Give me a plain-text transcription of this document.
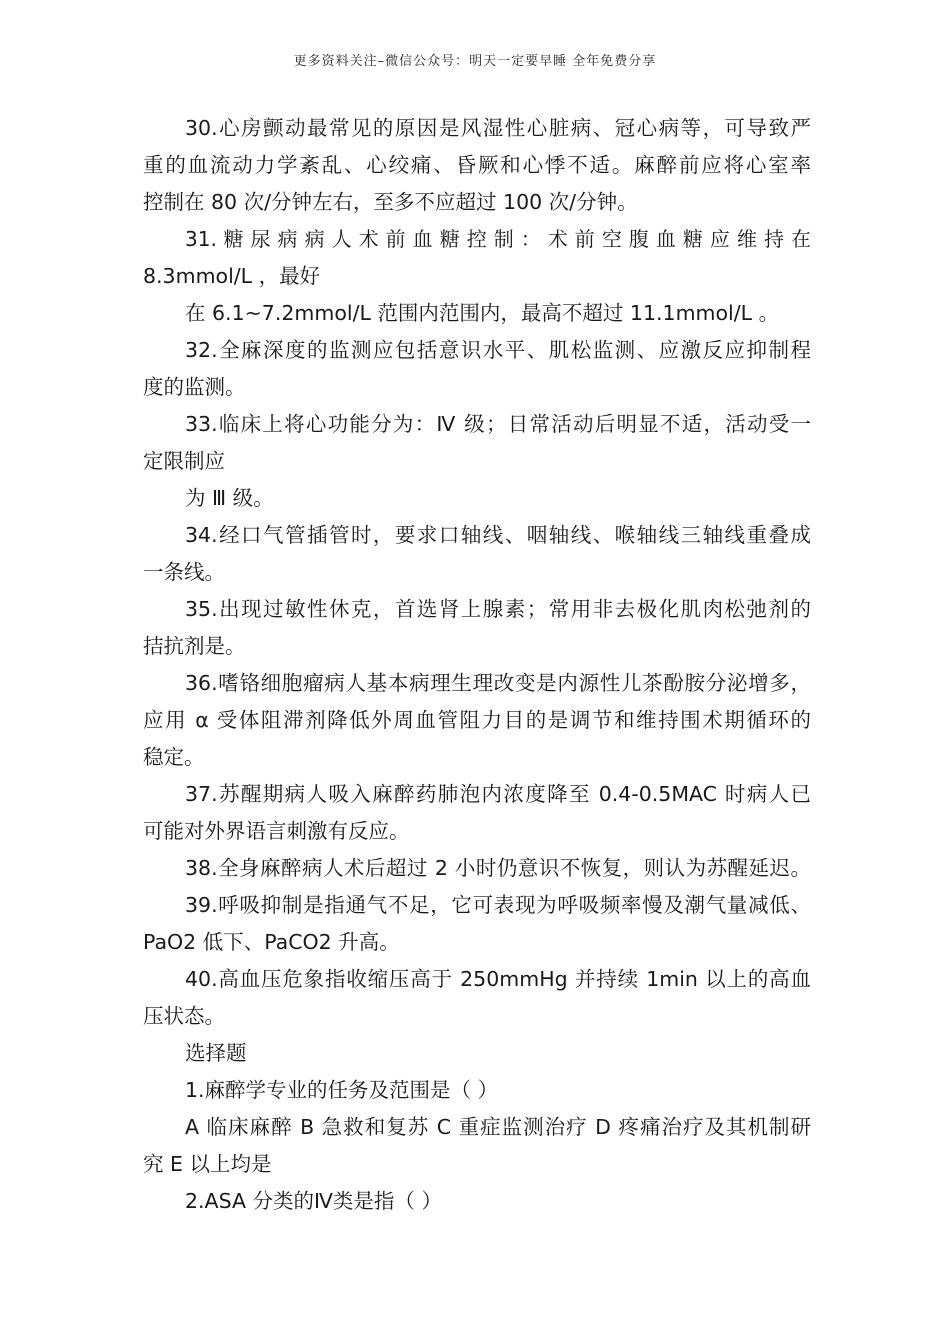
更多资料关注–微信公众号：明天一定要早睡 全年免费分享
30.心房颤动最常见的原因是风湿性心脏病、冠心病等，可导致严
重的血流动力学紊乱、心绞痛、昏厥和心悸不适。麻醉前应将心室率
控制在 80 次/分钟左右，至多不应超过 100 次/分钟。
31. 糖 尿 病 病 人 术 前 血 糖 控 制 ： 术 前 空 腹 血 糖 应 维 持 在
8.3mmol/L ，最好
在 6.1~7.2mmol/L 范围内范围内，最高不超过 11.1mmol/L 。
32.全麻深度的监测应包括意识水平、肌松监测、应激反应抑制程
度的监测。
33.临床上将心功能分为：Ⅳ 级；日常活动后明显不适，活动受一
定限制应
为 Ⅲ 级。
34.经口气管插管时，要求口轴线、咽轴线、喉轴线三轴线重叠成
一条线。
35.出现过敏性休克，首选肾上腺素；常用非去极化肌肉松弛剂的
拮抗剂是。
36.嗜铬细胞瘤病人基本病理生理改变是内源性儿茶酚胺分泌增多，
应用 α 受体阻滞剂降低外周血管阻力目的是调节和维持围术期循环的
稳定。
37.苏醒期病人吸入麻醉药肺泡内浓度降至 0.4-0.5MAC 时病人已
可能对外界语言刺激有反应。
38.全身麻醉病人术后超过 2 小时仍意识不恢复，则认为苏醒延迟。
39.呼吸抑制是指通气不足，它可表现为呼吸频率慢及潮气量减低、
PaO2 低下、PaCO2 升高。
40.高血压危象指收缩压高于 250mmHg 并持续 1min 以上的高血
压状态。
选择题
1.麻醉学专业的任务及范围是（ ）
A 临床麻醉 B 急救和复苏 C 重症监测治疗 D 疼痛治疗及其机制研
究 E 以上均是
2.ASA 分类的Ⅳ类是指（ ）
